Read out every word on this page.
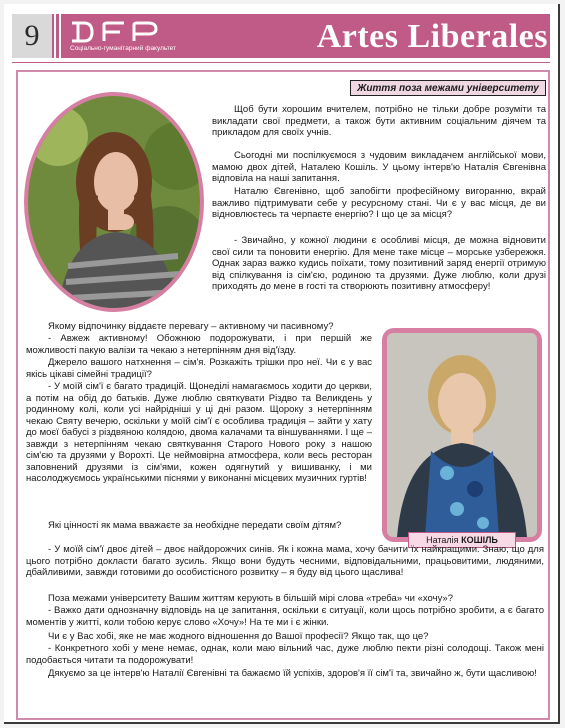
9	Соціально-гуманітарний факультет	Artes Liberales
Життя поза межами університету
Наталія КОШІЛЬ

Щоб бути хорошим вчителем, потрібно не тільки добре розуміти та викладати свої предмети, а також бути активним соціальним діячем та прикладом для своїх учнів.

Сьогодні ми поспілкуємося з чудовим викладачем англійської мови, мамою двох дітей, Наталею Кошіль. У цьому інтерв'ю Наталія Євгенівна відповіла на наші запитання.

Наталю Євгенівно, щоб запобігти професійному вигоранню, вкрай важливо підтримувати себе у ресурсному стані. Чи є у вас місця, де ви відновлюєтесь та черпаєте енергію? І що це за місця?

- Звичайно, у кожної людини є особливі місця, де можна відновити свої сили та поновити енергію. Для мене таке місце – морське узбережжя. Однак зараз важко кудись поїхати, тому позитивний заряд енергії отримую від спілкування із сім'єю, родиною та друзями. Дуже люблю, коли друзі приходять до мене в гості та створюють позитивну атмосферу!

Якому відпочинку віддаєте перевагу – активному чи пасивному?

- Авжеж активному! Обожнюю подорожувати, і при першій же можливості пакую валізи та чекаю з нетерпінням дня від'їзду.

Джерело вашого натхнення – сім'я. Розкажіть трішки про неї. Чи є у вас якісь цікаві сімейні традиції?

- У моїй сім'ї є багато традицій. Щонеділі намагаємось ходити до церкви, а потім на обід до батьків. Дуже люблю святкувати Різдво та Великдень у родинному колі, коли усі найрідніші у ці дні разом. Щороку з нетерпінням чекаю Святу вечерю, оскільки у моїй сім'ї є особлива традиція – зайти у хату до моєї бабусі з різдвяною колядою, двома калачами та віншуваннями. І ще – завжди з нетерпінням чекаю святкування Старого Нового року з нашою сім'єю та друзями у Ворохті. Це неймовірна атмосфера, коли весь ресторан заповнений друзями із сім'ями, кожен одягнутий у вишиванку, і ми насолоджуємось українськими піснями у виконанні місцевих музичних гуртів!

Які цінності як мама вважаєте за необхідне передати своїм дітям?

- У моїй сім'ї двоє дітей – двоє найдорожчих синів. Як і кожна мама, хочу бачити їх найкращими. Знаю, що для цього потрібно докласти багато зусиль. Якщо вони будуть чесними, відповідальними, працьовитими, людяними, дбайливими, завжди готовими до особистісного розвитку – я буду від цього щаслива!

Поза межами університету Вашим життям керують в більшій мірі слова «треба» чи «хочу»?

- Важко дати однозначну відповідь на це запитання, оскільки є ситуації, коли щось потрібно зробити, а є багато моментів у житті, коли тобою керує слово «Хочу»! На те ми і є жінки.

Чи є у Вас хобі, яке не має жодного відношення до Вашої професії? Якщо так, що це?

- Конкретного хобі у мене немає, однак, коли маю вільний час, дуже люблю пекти різні солодощі. Також мені подобається читати та подорожувати!

Дякуємо за це інтерв'ю Наталії Євгенівні та бажаємо їй успіхів, здоров'я її сім'ї та, звичайно ж, бути щасливою!
